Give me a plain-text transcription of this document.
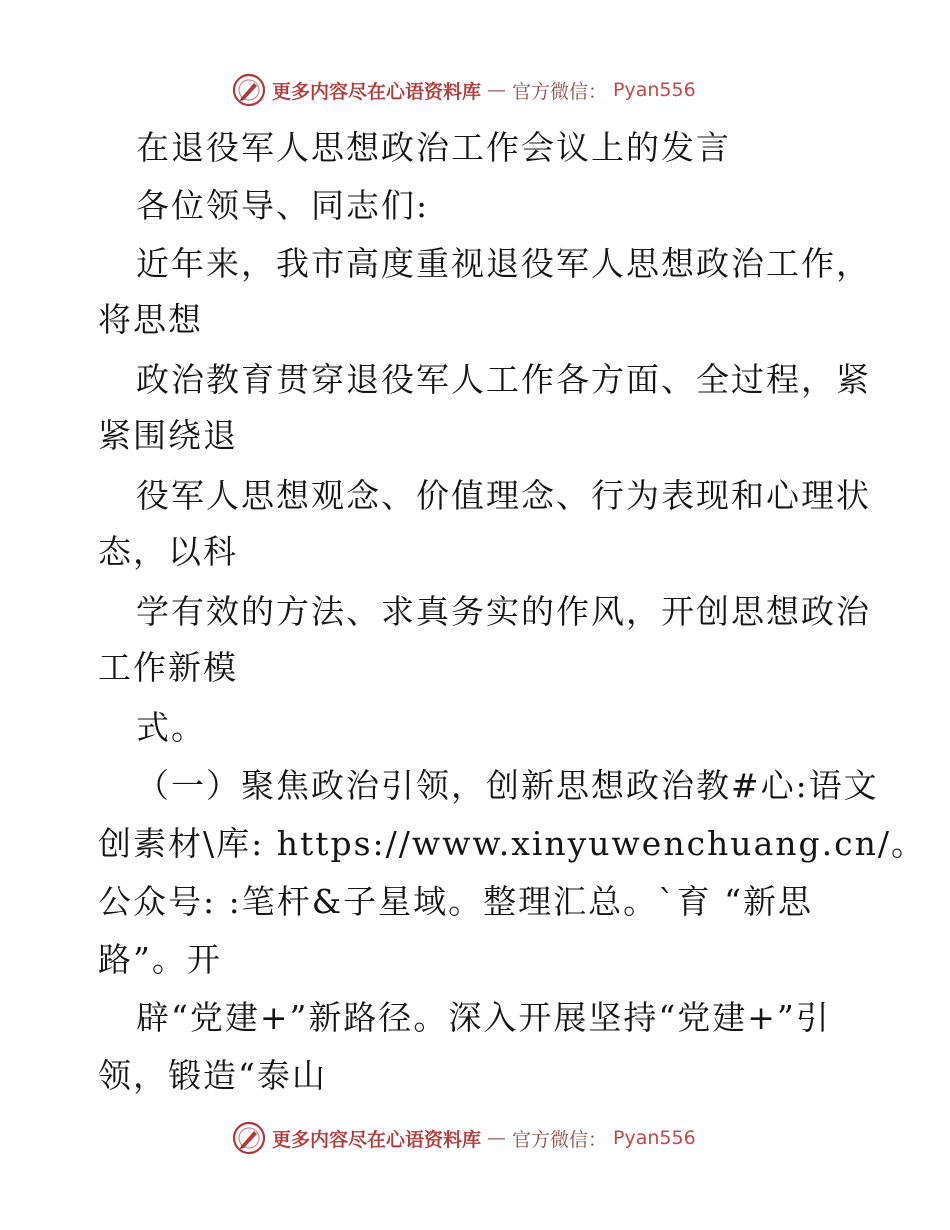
更多内容尽在心语资料库 — 官方微信： Pyan556
在退役军人思想政治工作会议上的发言
各位领导、同志们:
近年来，我市高度重视退役军人思想政治工作，
将思想
政治教育贯穿退役军人工作各方面、全过程，紧
紧围绕退
役军人思想观念、价值理念、行为表现和心理状
态，以科
学有效的方法、求真务实的作风，开创思想政治
工作新模
式。
（一）聚焦政治引领，创新思想政治教#心:语文
创素材\库: https://www.xinyuwenchuang.cn/。
公众号: :笔杆&子星域。整理汇总。`育 “新思
路”。开
辟“党建+”新路径。深入开展坚持“党建+”引
领，锻造“泰山
更多内容尽在心语资料库 — 官方微信： Pyan556
